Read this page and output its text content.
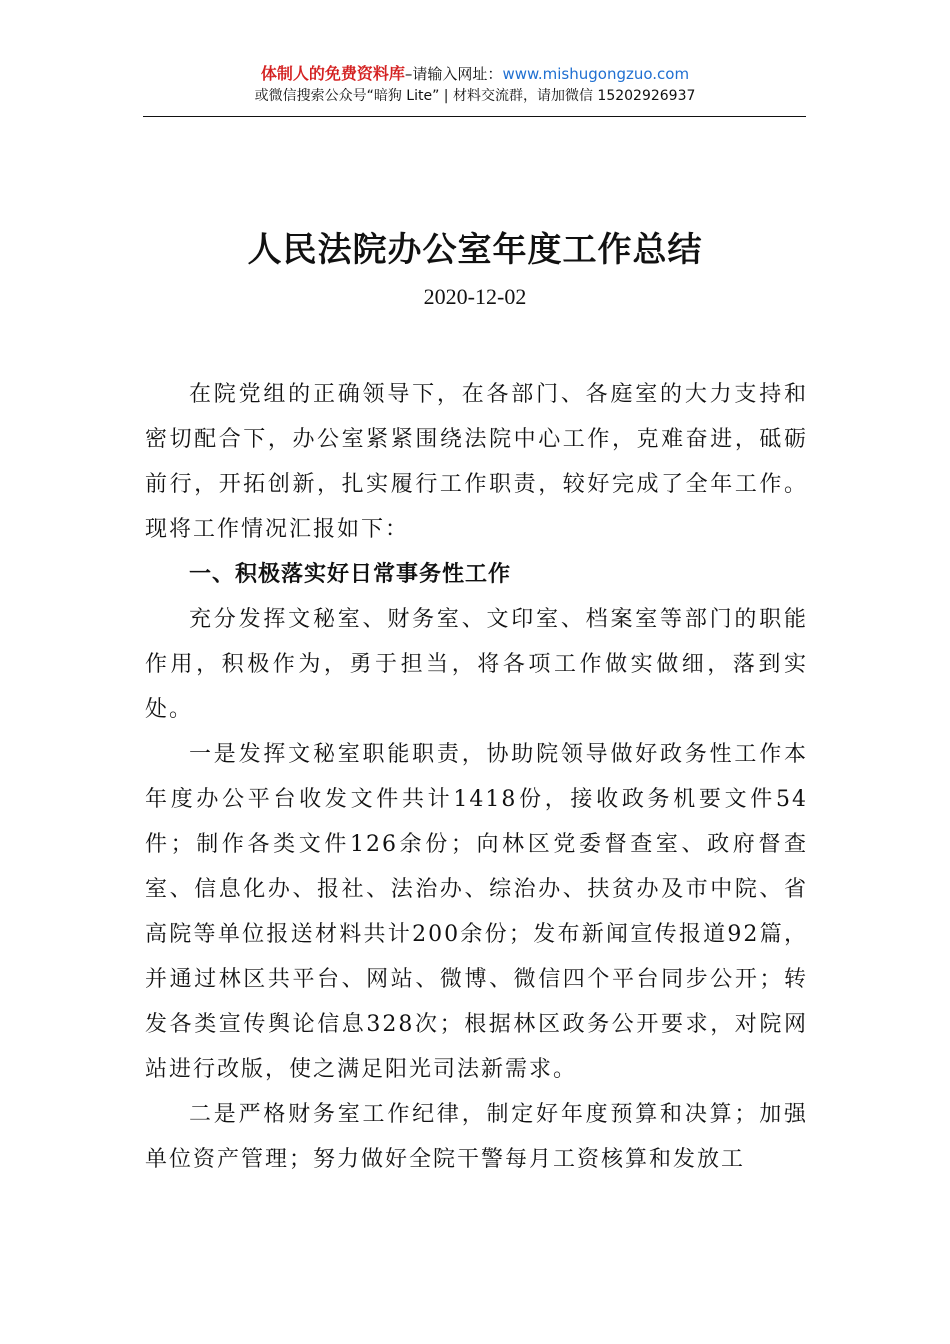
体制人的免费资料库–请输入网址：www.mishugongzuo.com
或微信搜索公众号“暗狗 Lite” | 材料交流群，请加微信 15202926937
人民法院办公室年度工作总结
2020-12-02

在院党组的正确领导下，在各部门、各庭室的大力支持和密切配合下，办公室紧紧围绕法院中心工作，克难奋进，砥砺前行，开拓创新，扎实履行工作职责，较好完成了全年工作。现将工作情况汇报如下：

一、积极落实好日常事务性工作

充分发挥文秘室、财务室、文印室、档案室等部门的职能作用，积极作为，勇于担当，将各项工作做实做细，落到实处。

一是发挥文秘室职能职责，协助院领导做好政务性工作本年度办公平台收发文件共计1418份，接收政务机要文件54件；制作各类文件126余份；向林区党委督查室、政府督查室、信息化办、报社、法治办、综治办、扶贫办及市中院、省高院等单位报送材料共计200余份；发布新闻宣传报道92篇，并通过林区共平台、网站、微博、微信四个平台同步公开；转发各类宣传舆论信息328次；根据林区政务公开要求，对院网站进行改版，使之满足阳光司法新需求。

二是严格财务室工作纪律，制定好年度预算和决算；加强单位资产管理；努力做好全院干警每月工资核算和发放工
